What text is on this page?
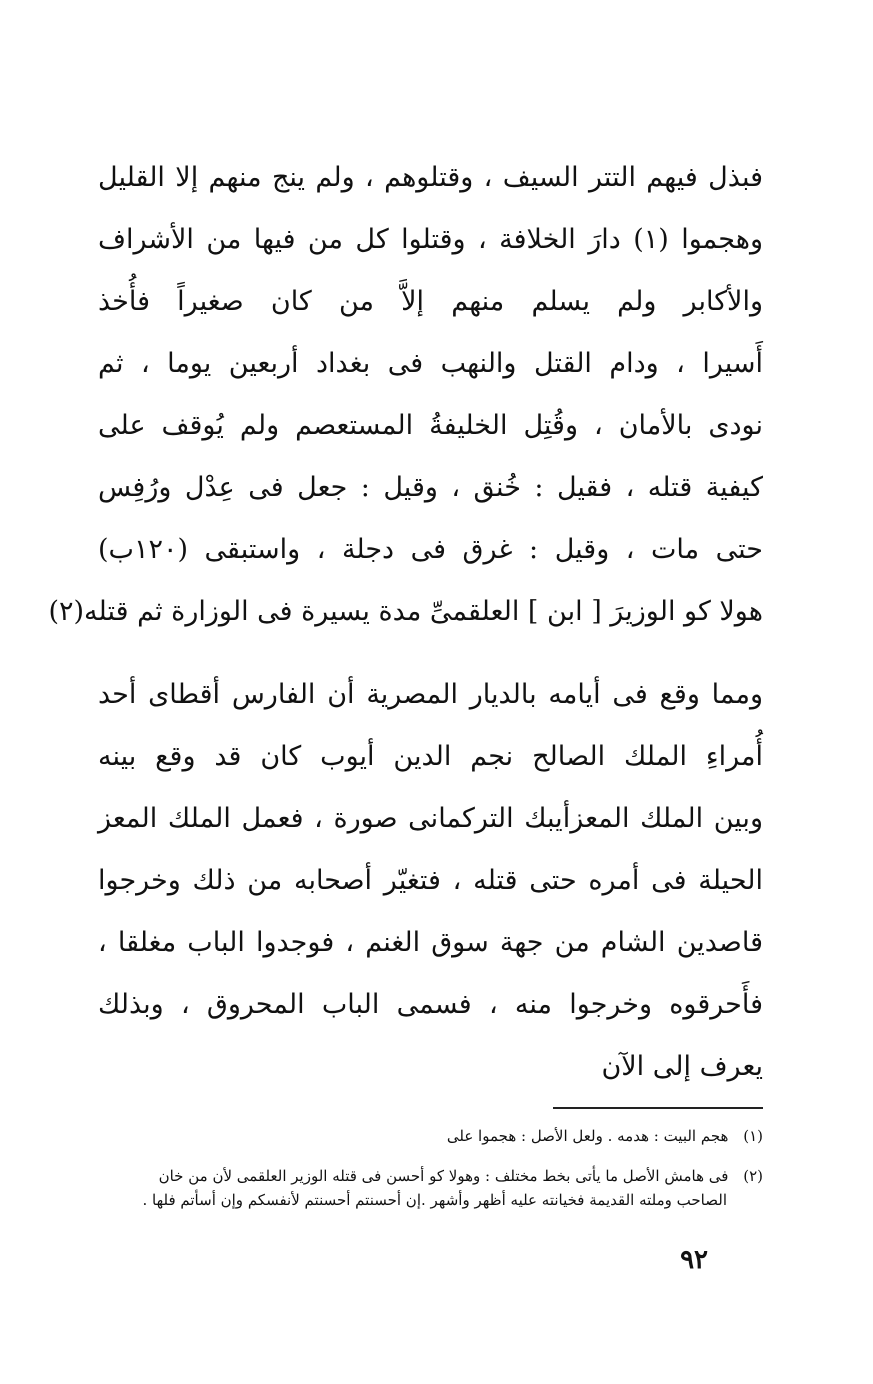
فبذل فيهم التتر السيف ، وقتلوهم ، ولم ينج منهم إلا القليل
وهجموا (١) دارَ الخلافة ، وقتلوا كل من فيها من الأشراف
والأكابر ولم يسلم منهم إلاَّ من كان صغيراً فأُخذ
أَسيرا ، ودام القتل والنهب فى بغداد أربعين يوما ، ثم
نودى بالأمان ، وقُتِل الخليفةُ المستعصم ولم يُوقف على
كيفية قتله ، فقيل : خُنق ، وقيل : جعل فى عِدْل ورُفِس
حتى مات ، وقيل : غرق فى دجلة ، واستبقى (١٢٠ب)
هولا كو الوزيرَ [ ابن ] العلقمىِّ مدة يسيرة فى الوزارة ثم قتله(٢)
ومما وقع فى أيامه بالديار المصرية أن الفارس أقطاى أحد
أُمراءِ الملك الصالح نجم الدين أيوب كان قد وقع بينه
وبين الملك المعزأيبك التركمانى صورة ، فعمل الملك المعز
الحيلة فى أمره حتى قتله ، فتغيّر أصحابه من ذلك وخرجوا
قاصدين الشام من جهة سوق الغنم ، فوجدوا الباب مغلقا ،
فأَحرقوه وخرجوا منه ، فسمى الباب المحروق ، وبذلك
يعرف إلى الآن
(١) هجم البيت : هدمه . ولعل الأصل : هجموا على
(٢) فى هامش الأصل ما يأتى بخط مختلف : وهولا كو أحسن فى قتله الوزير العلقمى لأن من خان
الصاحب وملته القديمة فخيانته عليه أظهر وأشهر .إن أحسنتم أحسنتم لأنفسكم وإن أسأتم فلها .
٩٢
